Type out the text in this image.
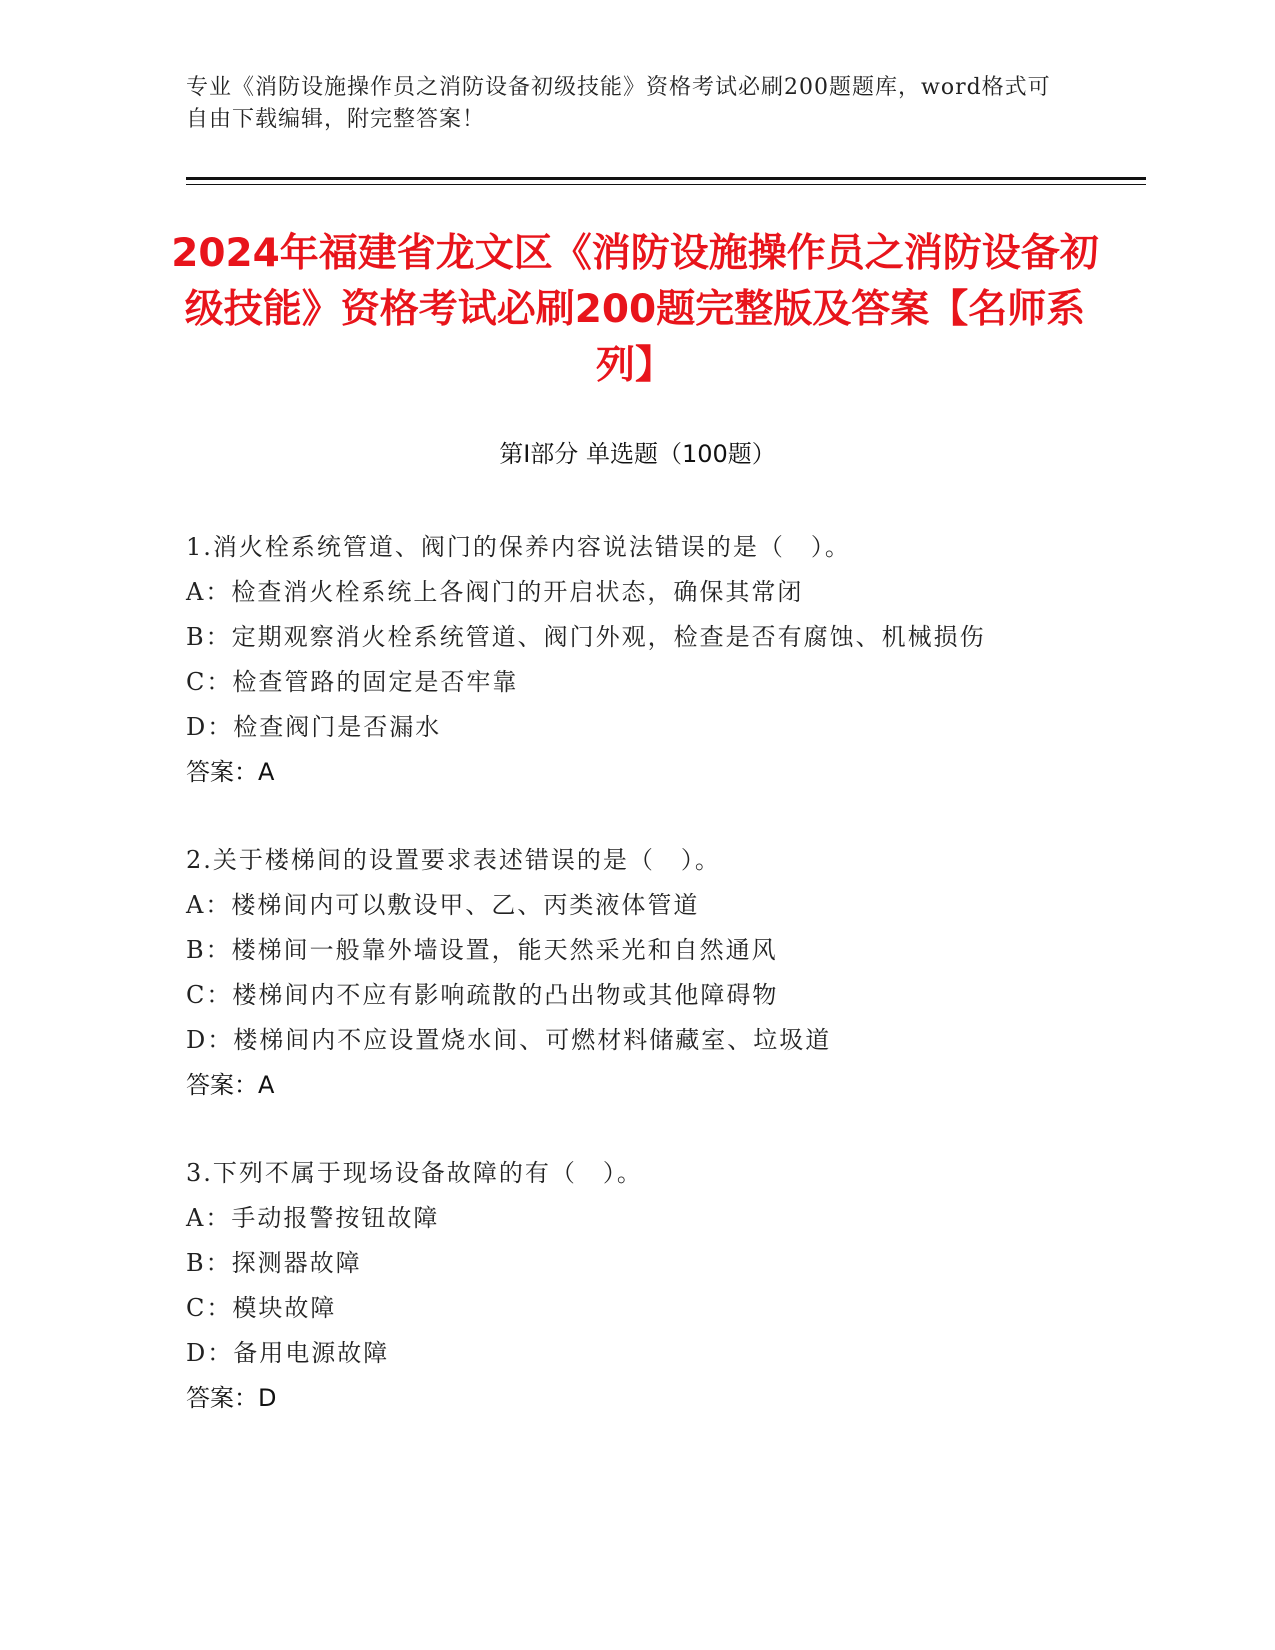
专业《消防设施操作员之消防设备初级技能》资格考试必刷200题题库，word格式可自由下载编辑，附完整答案！
2024年福建省龙文区《消防设施操作员之消防设备初级技能》资格考试必刷200题完整版及答案【名师系列】
第Ⅰ部分 单选题（100题）
1.消火栓系统管道、阀门的保养内容说法错误的是（　）。
A：检查消火栓系统上各阀门的开启状态，确保其常闭
B：定期观察消火栓系统管道、阀门外观，检查是否有腐蚀、机械损伤
C：检查管路的固定是否牢靠
D：检查阀门是否漏水
答案：A
2.关于楼梯间的设置要求表述错误的是（　）。
A：楼梯间内可以敷设甲、乙、丙类液体管道
B：楼梯间一般靠外墙设置，能天然采光和自然通风
C：楼梯间内不应有影响疏散的凸出物或其他障碍物
D：楼梯间内不应设置烧水间、可燃材料储藏室、垃圾道
答案：A
3.下列不属于现场设备故障的有（　）。
A：手动报警按钮故障
B：探测器故障
C：模块故障
D：备用电源故障
答案：D
